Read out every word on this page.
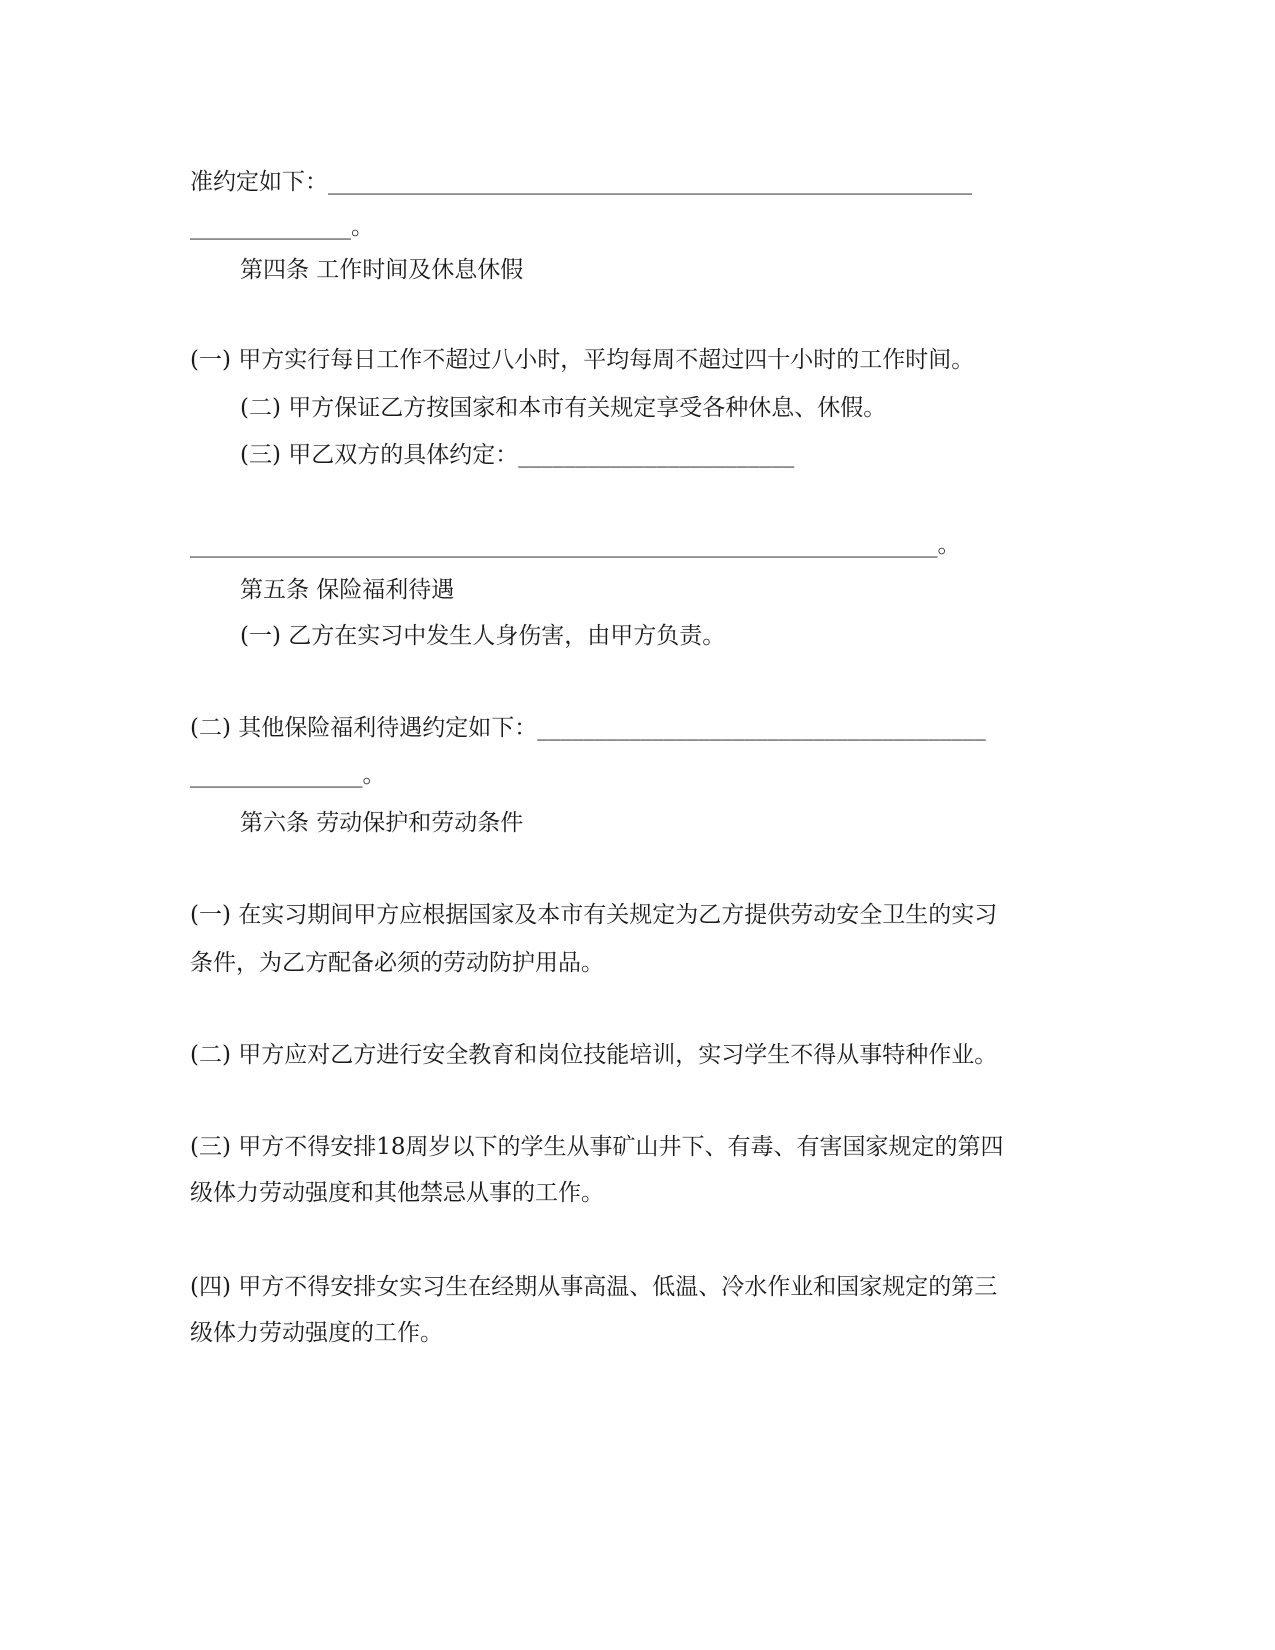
准约定如下：________________________________________________________
______________。
第四条 工作时间及休息休假
(一) 甲方实行每日工作不超过八小时，平均每周不超过四十小时的工作时间。
(二) 甲方保证乙方按国家和本市有关规定享受各种休息、休假。
(三) 甲乙双方的具体约定：________________________
_________________________________________________________________。
第五条 保险福利待遇
(一) 乙方在实习中发生人身伤害，由甲方负责。
(二) 其他保险福利待遇约定如下：_______________________________________
_______________。
第六条 劳动保护和劳动条件
(一) 在实习期间甲方应根据国家及本市有关规定为乙方提供劳动安全卫生的实习
条件，为乙方配备必须的劳动防护用品。
(二) 甲方应对乙方进行安全教育和岗位技能培训，实习学生不得从事特种作业。
(三) 甲方不得安排18周岁以下的学生从事矿山井下、有毒、有害国家规定的第四
级体力劳动强度和其他禁忌从事的工作。
(四) 甲方不得安排女实习生在经期从事高温、低温、冷水作业和国家规定的第三
级体力劳动强度的工作。
